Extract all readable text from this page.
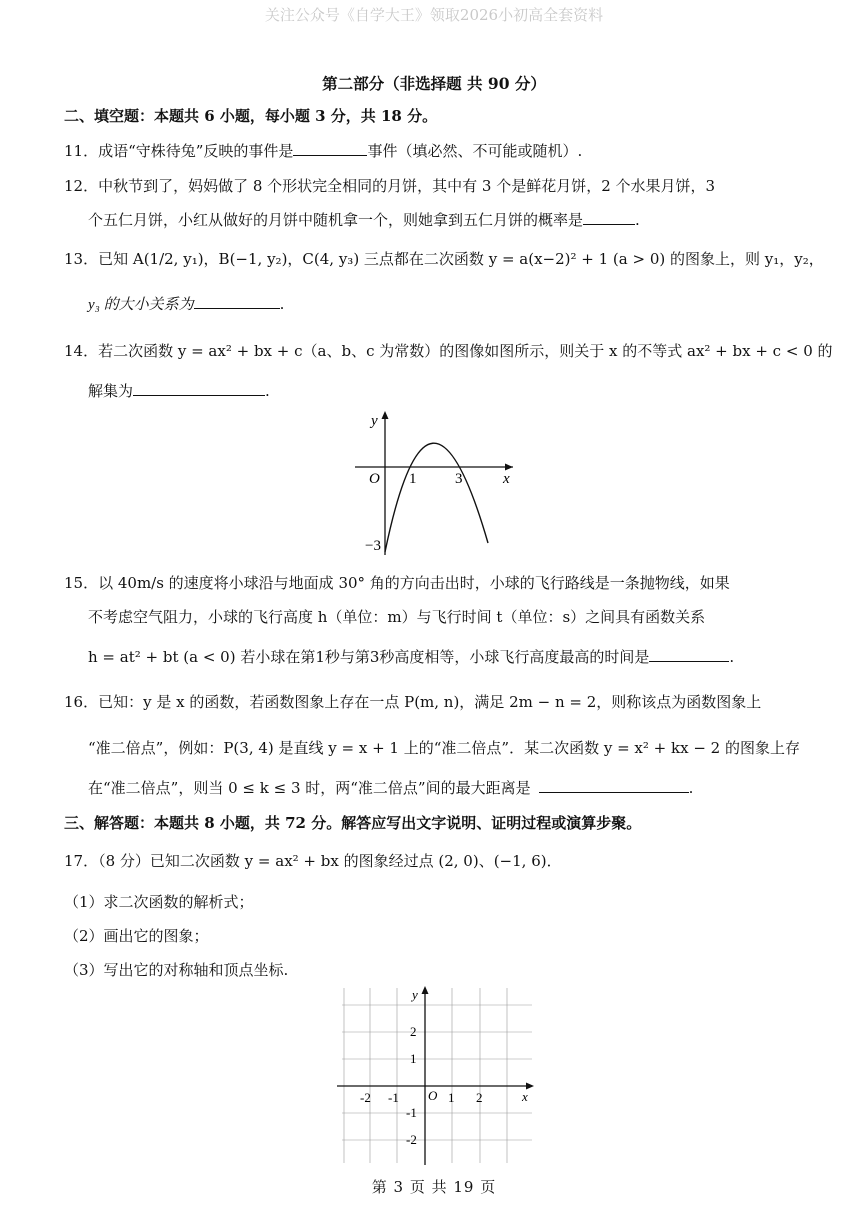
关注公众号《自学大王》领取2026小初高全套资料
第二部分（非选择题 共 90 分）
二、填空题：本题共 6 小题，每小题 3 分，共 18 分。
11．成语“守株待兔”反映的事件是	事件（填必然、不可能或随机）.
12．中秋节到了，妈妈做了 8 个形状完全相同的月饼，其中有 3 个是鲜花月饼，2 个水果月饼，3
个五仁月饼，小红从做好的月饼中随机拿一个，则她拿到五仁月饼的概率是	.
13．已知 A(1/2, y₁)，B(−1, y₂)，C(4, y₃) 三点都在二次函数 y = a(x−2)² + 1 (a > 0) 的图象上，则 y₁，y₂，
y₃ 的大小关系为	.
14．若二次函数 y = ax² + bx + c（a、b、c 为常数）的图像如图所示，则关于 x 的不等式 ax² + bx + c < 0 的
解集为	.
y
x
O 1	3
−3
15．以 40m/s 的速度将小球沿与地面成 30° 角的方向击出时，小球的飞行路线是一条抛物线，如果
不考虑空气阻力，小球的飞行高度 h（单位：m）与飞行时间 t（单位：s）之间具有函数关系
h = at² + bt (a < 0) 若小球在第1秒与第3秒高度相等，小球飞行高度最高的时间是	.
16．已知：y 是 x 的函数，若函数图象上存在一点 P(m, n)，满足 2m − n = 2，则称该点为函数图象上
“准二倍点”，例如：P(3, 4) 是直线 y = x + 1 上的“准二倍点”．某二次函数 y = x² + kx − 2 的图象上存
在“准二倍点”，则当 0 ≤ k ≤ 3 时，两“准二倍点”间的最大距离是	.
三、解答题：本题共 8 小题，共 72 分。解答应写出文字说明、证明过程或演算步聚。
17．（8 分）已知二次函数 y = ax² + bx 的图象经过点 (2, 0)、(−1, 6)．
（1）求二次函数的解析式；
（2）画出它的图象；
（3）写出它的对称轴和顶点坐标.
y
x
O
-2 -1	1 2
2
1
-1
-2
第 3 页 共 19 页
